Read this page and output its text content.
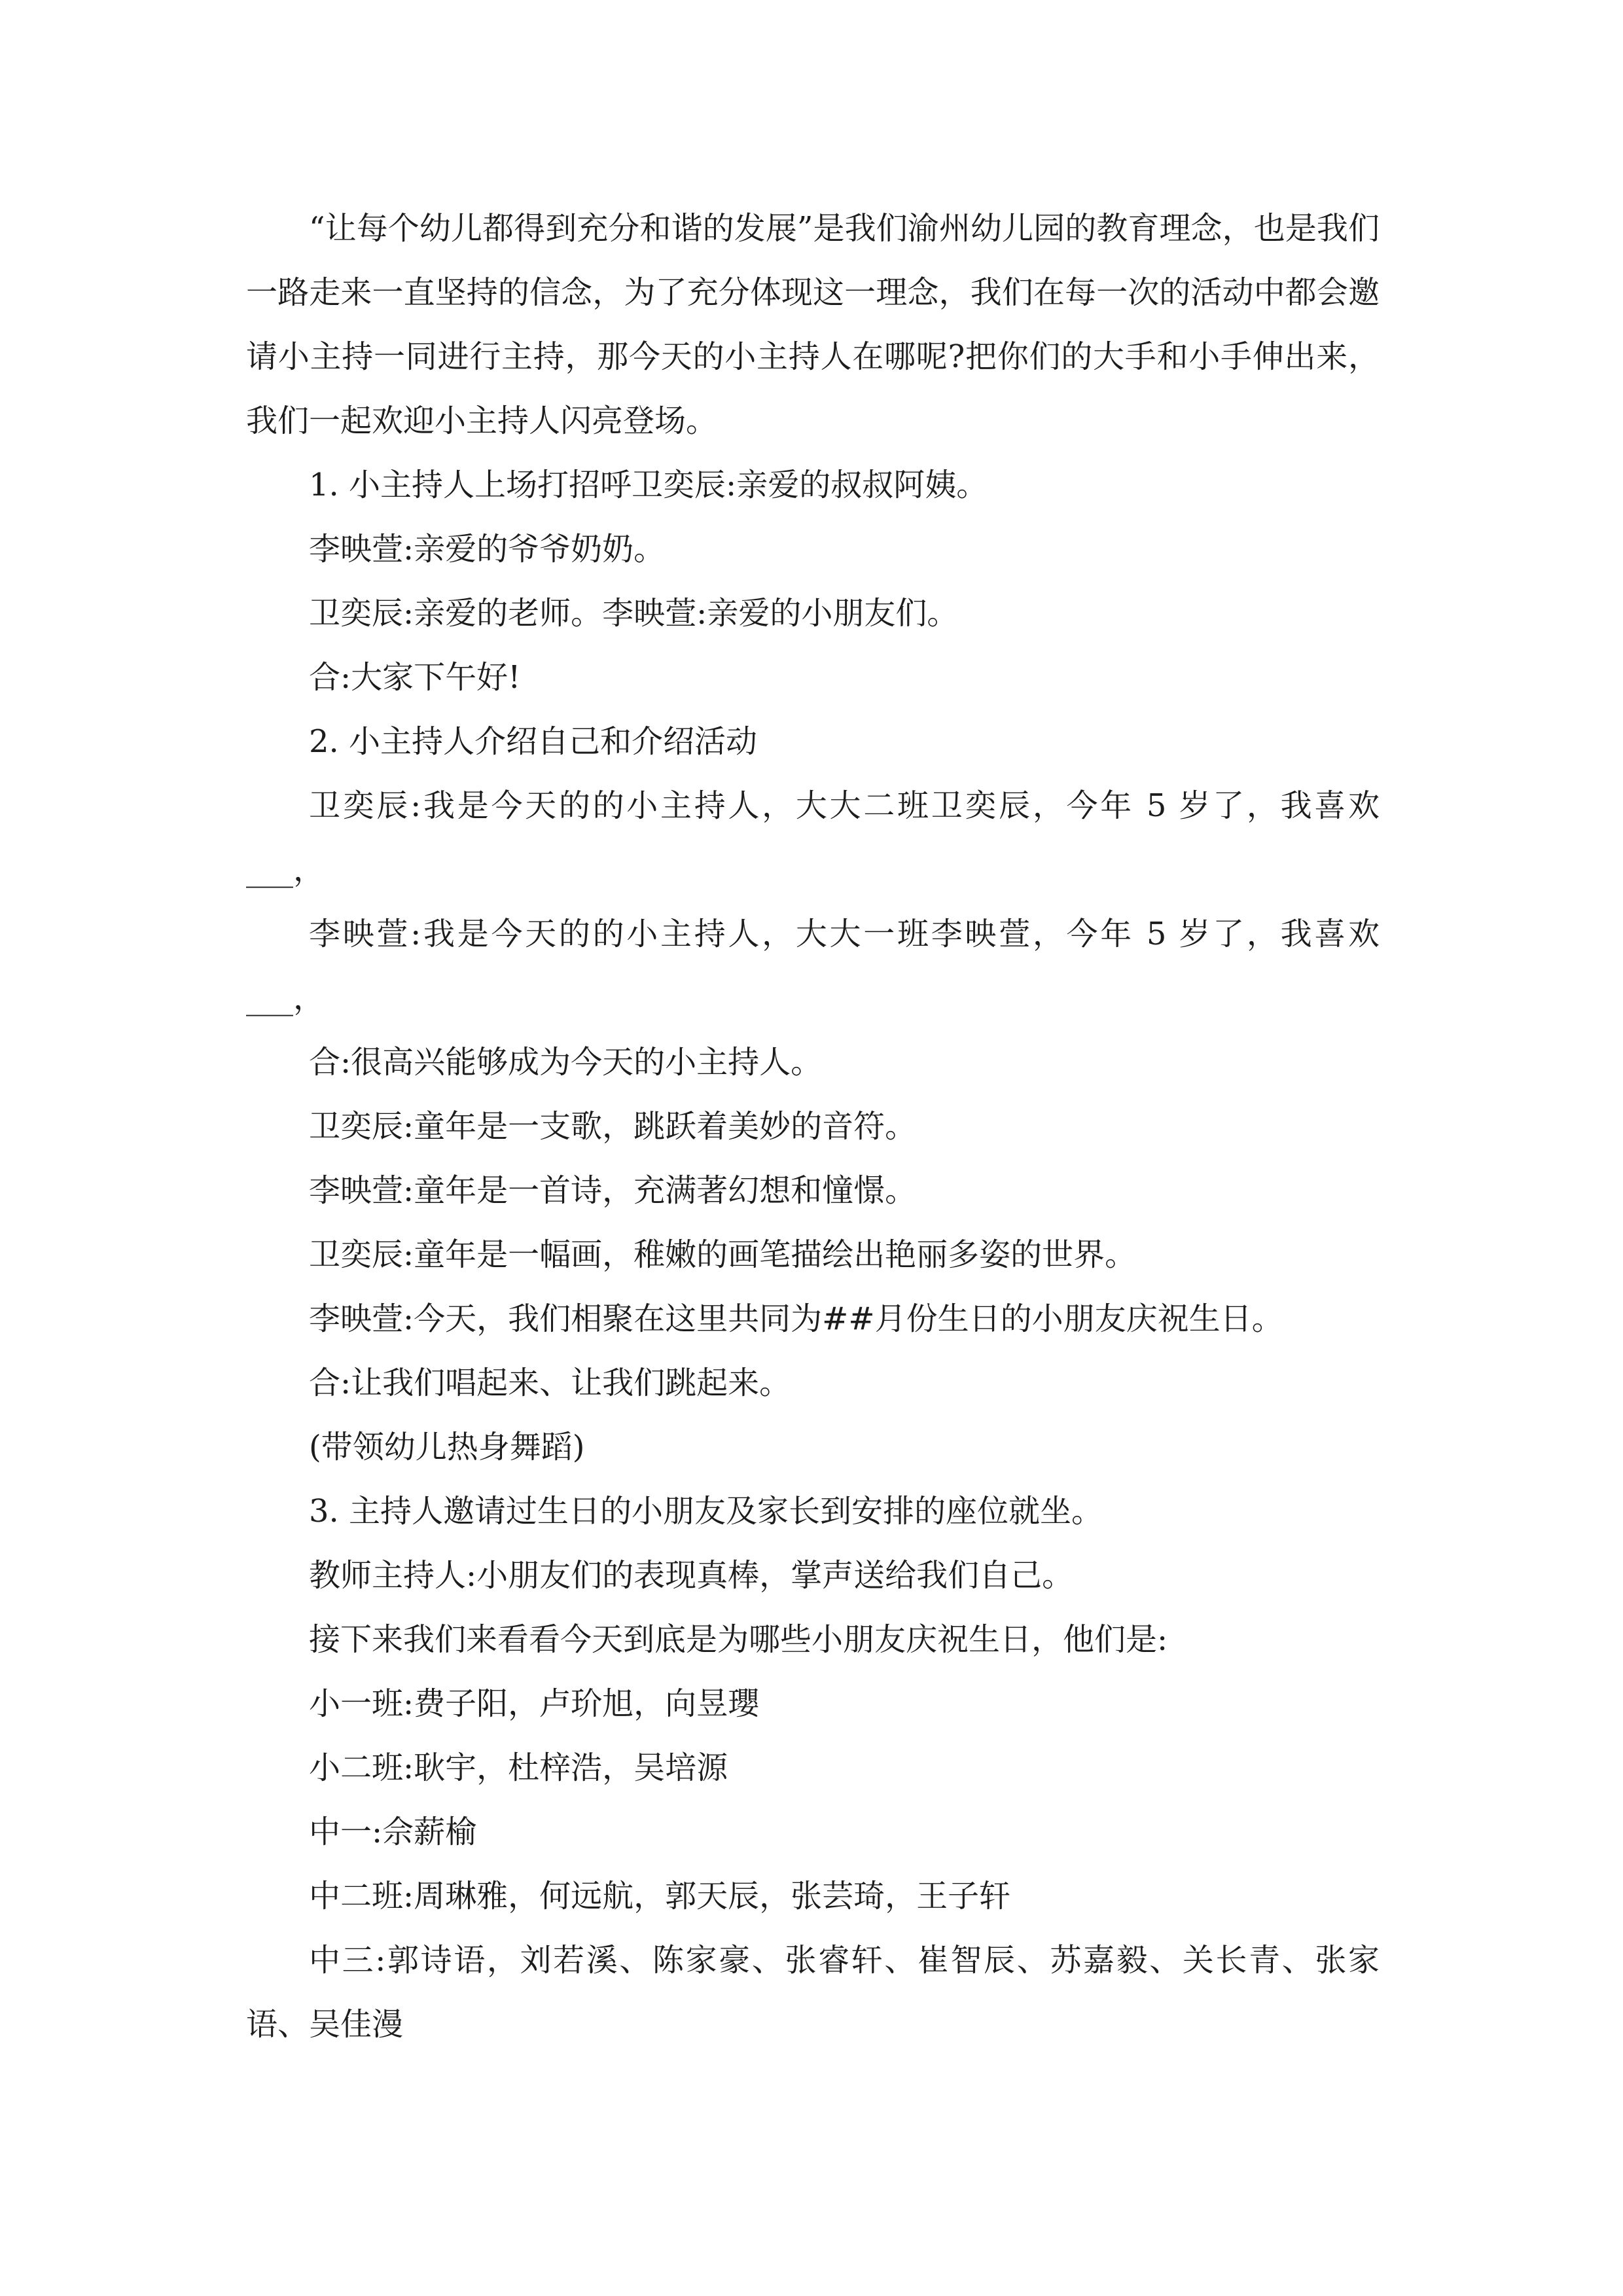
“让每个幼儿都得到充分和谐的发展”是我们渝州幼儿园的教育理念，也是我们一路走来一直坚持的信念，为了充分体现这一理念，我们在每一次的活动中都会邀请小主持一同进行主持，那今天的小主持人在哪呢?把你们的大手和小手伸出来，我们一起欢迎小主持人闪亮登场。

1. 小主持人上场打招呼卫奕辰:亲爱的叔叔阿姨。

李映萱:亲爱的爷爷奶奶。

卫奕辰:亲爱的老师。李映萱:亲爱的小朋友们。

合:大家下午好!

2. 小主持人介绍自己和介绍活动

卫奕辰:我是今天的的小主持人，大大二班卫奕辰，今年 5 岁了，我喜欢 ___，

李映萱:我是今天的的小主持人，大大一班李映萱，今年 5 岁了，我喜欢 ___，

合:很高兴能够成为今天的小主持人。

卫奕辰:童年是一支歌，跳跃着美妙的音符。

李映萱:童年是一首诗，充满著幻想和憧憬。

卫奕辰:童年是一幅画，稚嫩的画笔描绘出艳丽多姿的世界。

李映萱:今天，我们相聚在这里共同为##月份生日的小朋友庆祝生日。

合:让我们唱起来、让我们跳起来。

(带领幼儿热身舞蹈)

3. 主持人邀请过生日的小朋友及家长到安排的座位就坐。

教师主持人:小朋友们的表现真棒，掌声送给我们自己。

接下来我们来看看今天到底是为哪些小朋友庆祝生日，他们是:

小一班:费子阳，卢玠旭，向昱瓔

小二班:耿宇，杜梓浩，吴培源

中一:佘薪榆

中二班:周琳雅，何远航，郭天辰，张芸琦，王子轩

中三:郭诗语，刘若溪、陈家豪、张睿轩、崔智辰、苏嘉毅、关长青、张家语、吴佳漫
